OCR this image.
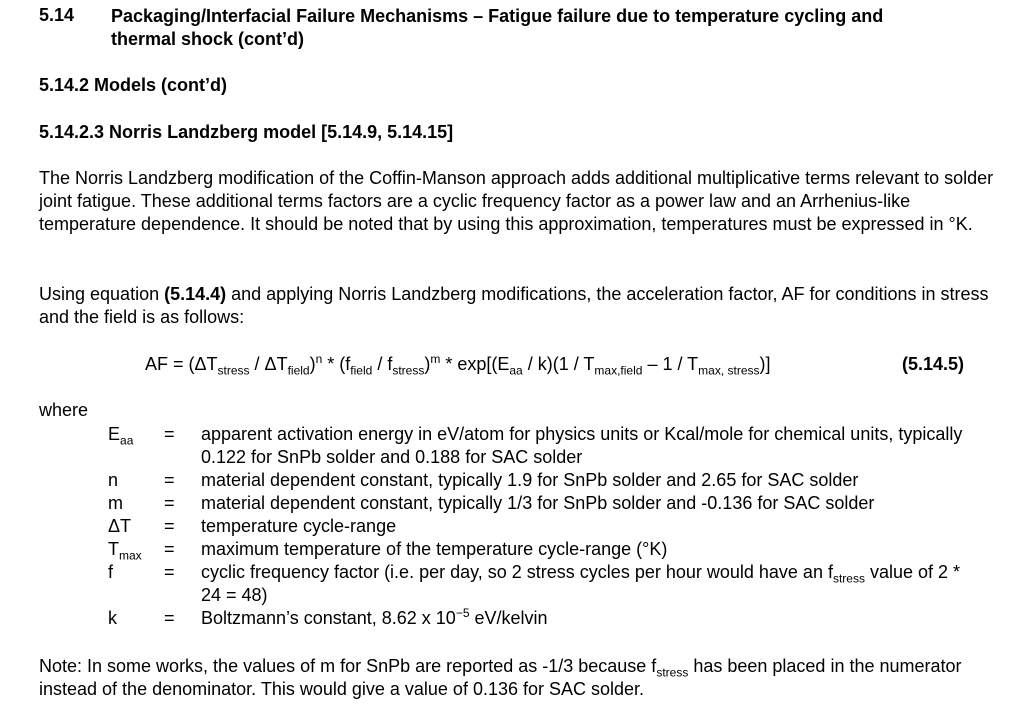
5.14 Packaging/Interfacial Failure Mechanisms – Fatigue failure due to temperature cycling and
thermal shock (cont’d)
5.14.2 Models (cont’d)
5.14.2.3 Norris Landzberg model [5.14.9, 5.14.15]
The Norris Landzberg modification of the Coffin-Manson approach adds additional multiplicative terms relevant to solder joint fatigue. These additional terms factors are a cyclic frequency factor as a power law and an Arrhenius-like temperature dependence. It should be noted that by using this approximation, temperatures must be expressed in °K.
Using equation (5.14.4) and applying Norris Landzberg modifications, the acceleration factor, AF for conditions in stress and the field is as follows:
AF = $(\Delta T_{stress} / \Delta T_{field})^n * (f_{field} / f_{stress})^m * \exp[(E_{aa} / k)(1 / T_{max,field} - 1 / T_{max, stress})]$	(5.14.5)
where
$E_{aa}$	=	apparent activation energy in eV/atom for physics units or Kcal/mole for chemical units, typically 0.122 for SnPb solder and 0.188 for SAC solder
n	=	material dependent constant, typically 1.9 for SnPb solder and 2.65 for SAC solder
m	=	material dependent constant, typically 1/3 for SnPb solder and -0.136 for SAC solder
ΔT	=	temperature cycle-range
$T_{max}$	=	maximum temperature of the temperature cycle-range (°K)
f	=	cyclic frequency factor (i.e. per day, so 2 stress cycles per hour would have an $f_{stress}$ value of 2 * 24 = 48)
k	=	Boltzmann’s constant, 8.62 x $10^{-5}$ eV/kelvin
Note: In some works, the values of m for SnPb are reported as -1/3 because $f_{stress}$ has been placed in the numerator instead of the denominator. This would give a value of 0.136 for SAC solder.
